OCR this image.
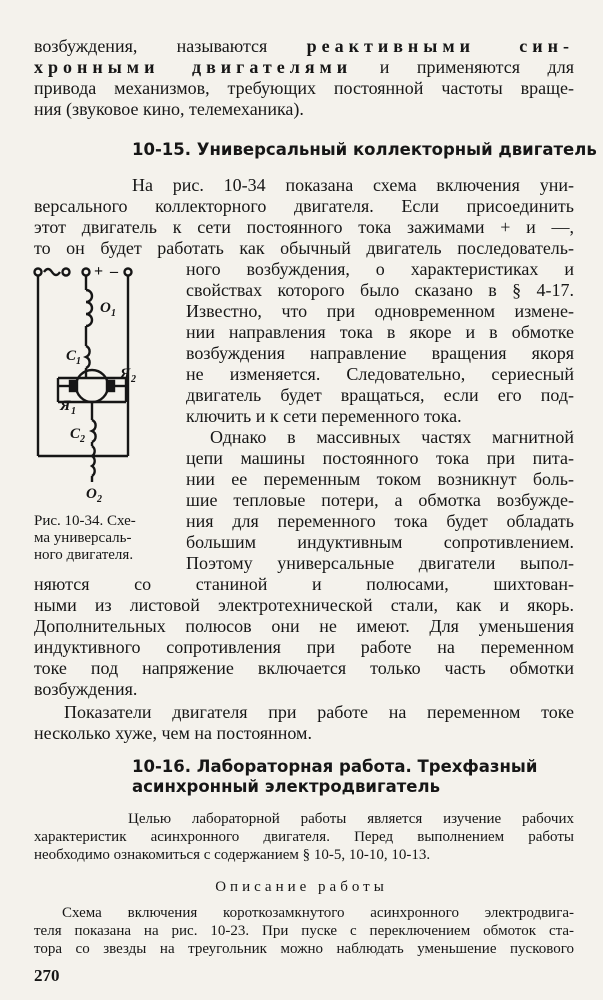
возбуждения, называются реактивными син-
хронными двигателями и применяются для
привода механизмов, требующих постоянной частоты враще-
ния (звуковое кино, телемеханика).
10-15. Универсальный коллекторный двигатель
На рис. 10-34 показана схема включения уни-
версального коллекторного двигателя. Если присоединить
этот двигатель к сети постоянного тока зажимами + и —,
то он будет работать как обычный двигатель последователь-
ного возбуждения, о характеристиках и
свойствах которого было сказано в § 4-17.
Известно, что при одновременном измене-
нии направления тока в якоре и в обмотке
возбуждения направление вращения якоря
не изменяется. Следовательно, сериесный
двигатель будет вращаться, если его под-
ключить и к сети переменного тока.
Однако в массивных частях магнитной
цепи машины постоянного тока при пита-
нии ее переменным током возникнут боль-
шие тепловые потери, а обмотка возбужде-
ния для переменного тока будет обладать
большим индуктивным сопротивлением.
Поэтому универсальные двигатели выпол-
Рис. 10-34. Схе-
ма универсаль-
ного двигателя.
+ –
O 1
C 1
Я 1
Я 2
C 2
O 2
няются со станиной и полюсами, шихтован-
ными из листовой электротехнической стали, как и якорь.
Дополнительных полюсов они не имеют. Для уменьшения
индуктивного сопротивления при работе на переменном
токе под напряжение включается только часть обмотки
возбуждения.
Показатели двигателя при работе на переменном токе
несколько хуже, чем на постоянном.
10-16. Лабораторная работа. Трехфазный
асинхронный электродвигатель
Целью лабораторной работы является изучение рабочих
характеристик асинхронного двигателя. Перед выполнением работы
необходимо ознакомиться с содержанием § 10-5, 10-10, 10-13.
Описание работы
Схема включения короткозамкнутого асинхронного электродвига-
теля показана на рис. 10-23. При пуске с переключением обмоток ста-
тора со звезды на треугольник можно наблюдать уменьшение пускового
270
